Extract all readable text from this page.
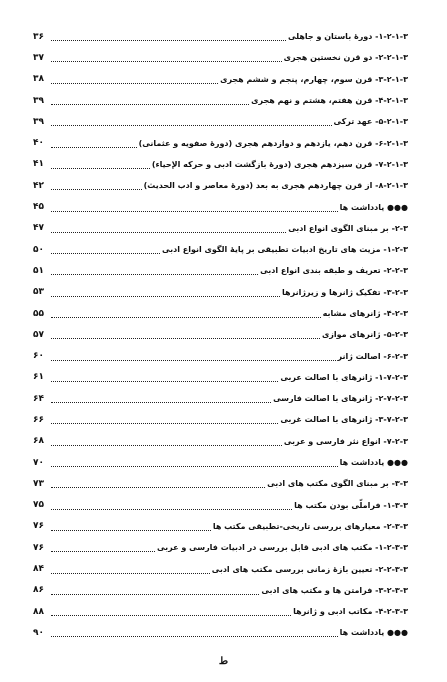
۱-۲-۱-۳- دورهٔ باستان و جاهلی
۳۶
۲-۲-۱-۳- دو قرن نخستین هجری
۳۷
۳-۲-۱-۳- قرن سوم، چهارم، پنجم و ششم هجری
۳۸
۴-۲-۱-۳- قرن هفتم، هشتم و نهم هجری
۳۹
۵-۲-۱-۳- عهد ترکی
۳۹
۶-۲-۱-۳- قرن دهم، یازدهم و دوازدهم هجری (دورهٔ صفویه و عثمانی)
۴۰
۷-۲-۱-۳- قرن سیزدهم هجری (دورهٔ بازگشت ادبی و حرکه الإحیاء)
۴۱
۸-۲-۱-۳- از قرن چهاردهم هجری به بعد (دورهٔ معاصر و ادب الحدیث)
۴۲
●●● یادداشت ها
۴۵
۲-۳- بر مبنای الگوی انواع ادبی
۴۷
۱-۲-۳- مزیت های تاریخ ادبیات تطبیقی بر پایهٔ الگوی انواع ادبی
۵۰
۲-۲-۳- تعریف و طبقه بندی انواع ادبی
۵۱
۳-۲-۳- تفکیک ژانرها و زیرژانرها
۵۳
۴-۲-۳- ژانرهای مشابه
۵۵
۵-۲-۳- ژانرهای موازی
۵۷
۶-۲-۳- اصالت ژانر
۶۰
۱-۷-۲-۳- ژانرهای با اصالت عربی
۶۱
۲-۷-۲-۳- ژانرهای با اصالت فارسی
۶۴
۳-۷-۲-۳- ژانرهای با اصالت غربی
۶۶
۷-۲-۳- انواع نثر فارسی و عربی
۶۸
●●● یادداشت ها
۷۰
۳-۳- بر مبنای الگوی مکتب های ادبی
۷۳
۱-۳-۳- فراملّی بودن مکتب ها
۷۵
۲-۳-۳- معیارهای بررسی تاریخی-تطبیقی مکتب ها
۷۶
۱-۲-۳-۳- مکتب های ادبی قابل بررسی در ادبیات فارسی و عربی
۷۶
۲-۲-۳-۳- تعیین بازهٔ زمانی بررسی مکتب های ادبی
۸۴
۳-۲-۳-۳- فرامتن ها و مکتب های ادبی
۸۶
۴-۲-۳-۳- مکاتب ادبی و ژانرها
۸۸
●●● یادداشت ها
۹۰
ط
